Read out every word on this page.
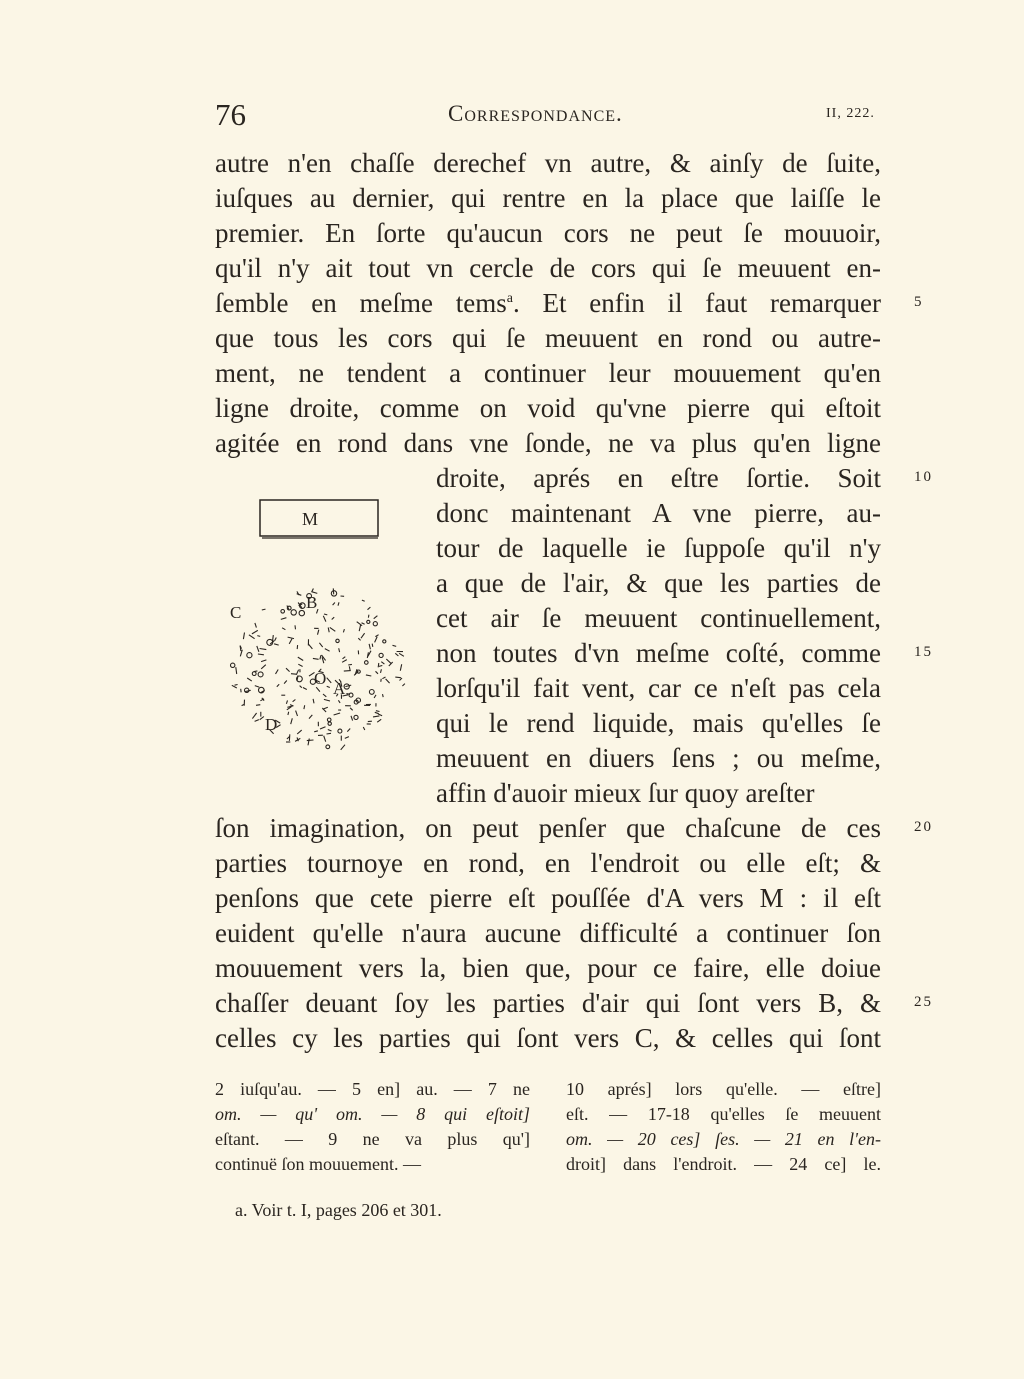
76	Correspondance.	II, 222.
autre n'en chaſſe derechef vn autre, & ainſy de ſuite,
iuſques au dernier, qui rentre en la place que laiſſe le
premier. En ſorte qu'aucun cors ne peut ſe mouuoir,
qu'il n'y ait tout vn cercle de cors qui ſe meuuent en-
ſemble en meſme tems$^a$. Et enfin il faut remarquer
que tous les cors qui ſe meuuent en rond ou autre-
ment, ne tendent a continuer leur mouuement qu'en
ligne droite, comme on void qu'vne pierre qui eſtoit
agitée en rond dans vne ſonde, ne va plus qu'en ligne
droite, aprés en eſtre ſortie. Soit
donc maintenant A vne pierre, au-
tour de laquelle ie ſuppoſe qu'il n'y
a que de l'air, & que les parties de
cet air ſe meuuent continuellement,
non toutes d'vn meſme coſté, comme
lorſqu'il fait vent, car ce n'eſt pas cela
qui le rend liquide, mais qu'elles ſe
meuuent en diuers ſens ; ou meſme,
affin d'auoir mieux ſur quoy areſter
ſon imagination, on peut penſer que chaſcune de ces
parties tournoye en rond, en l'endroit ou elle eſt; &
penſons que cete pierre eſt pouſſée d'A vers M : il eſt
euident qu'elle n'aura aucune difficulté a continuer ſon
mouuement vers la, bien que, pour ce faire, elle doiue
chaſſer deuant ſoy les parties d'air qui ſont vers B, &
celles cy les parties qui ſont vers C, & celles qui ſont
5
10
15
20
25
M
B
C
O
A
D
2 iuſqu'au. — 5 en] au. — 7 ne
om. — qu' om. — 8 qui eſtoit]
eſtant. — 9 ne va plus qu']
continuë ſon mouuement. —
10 aprés] lors qu'elle. — eſtre]
eſt. — 17-18 qu'elles ſe meuuent
om. — 20 ces] ſes. — 21 en l'en-
droit] dans l'endroit. — 24 ce] le.
a. Voir t. I, pages 206 et 301.
